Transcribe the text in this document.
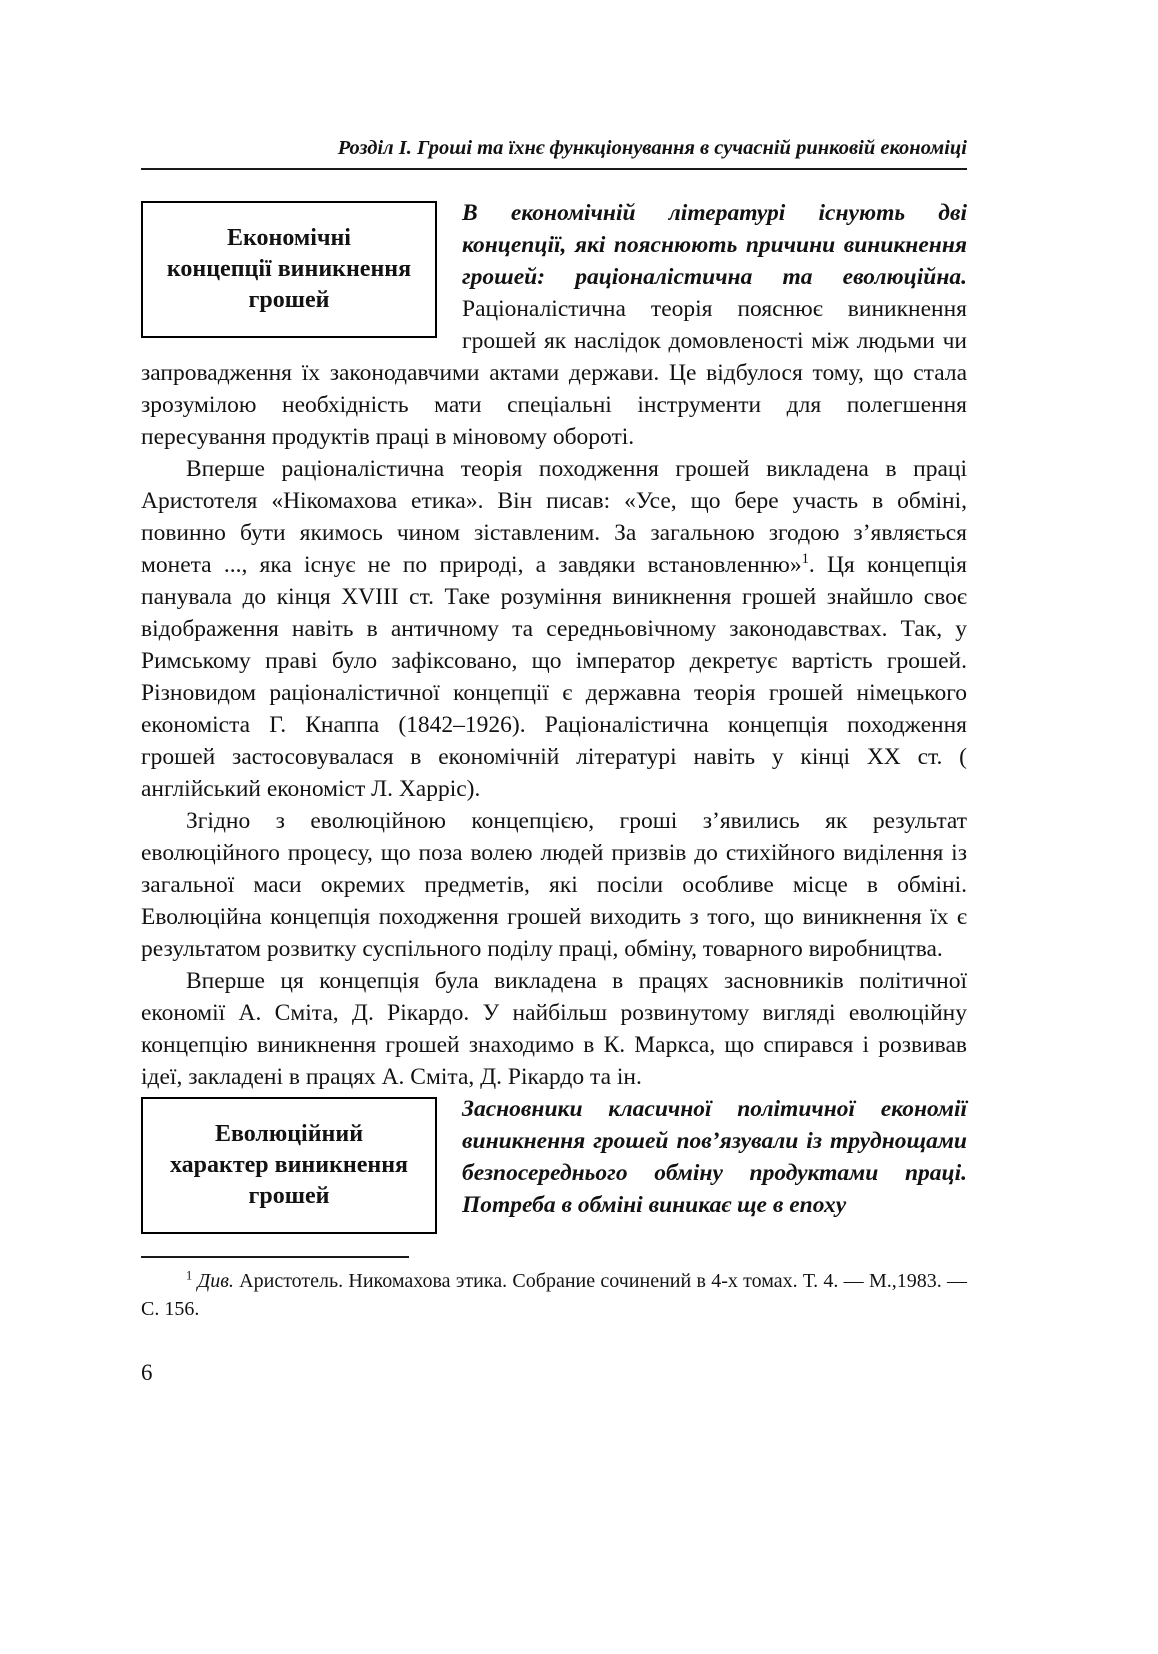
Розділ І. Гроші та їхнє функціонування в сучасній ринковій економіці
Економічні
концепції виникнення
грошей

В економічній літературі існують дві концепції, які пояснюють причини виникнення грошей: раціоналістична та еволюційна. Раціоналістична теорія пояснює виникнення грошей як наслідок домовленості між людьми чи запровадження їх законодавчими актами держави. Це відбулося тому, що стала зрозумілою необхідність мати спеціальні інструменти для полегшення пересування продуктів праці в міновому обороті.

Вперше раціоналістична теорія походження грошей викладена в праці Аристотеля «Нікомахова етика». Він писав: «Усе, що бере участь в обміні, повинно бути якимось чином зіставленим. За загальною згодою з’являється монета ..., яка існує не по природі, а завдяки встановленню»$^1$. Ця концепція панувала до кінця XVIII ст. Таке розуміння виникнення грошей знайшло своє відображення навіть в античному та середньовічному законодавствах. Так, у Римському праві було зафіксовано, що імператор декретує вартість грошей. Різновидом раціоналістичної концепції є державна теорія грошей німецького економіста Г. Кнаппа (1842–1926). Раціоналістична концепція походження грошей застосовувалася в економічній літературі навіть у кінці XX ст. ( англійський економіст Л. Харріс).

Згідно з еволюційною концепцією, гроші з’явились як результат еволюційного процесу, що поза волею людей призвів до стихійного виділення із загальної маси окремих предметів, які посіли особливе місце в обміні. Еволюційна концепція походження грошей виходить з того, що виникнення їх є результатом розвитку суспільного поділу праці, обміну, товарного виробництва.

Вперше ця концепція була викладена в працях засновників політичної економії А. Сміта, Д. Рікардо. У найбільш розвинутому вигляді еволюційну концепцію виникнення грошей знаходимо в К. Маркса, що спирався і розвивав ідеї, закладені в працях А. Сміта, Д. Рікардо та ін.

Еволюційний
характер виникнення
грошей

Засновники класичної політичної економії виникнення грошей пов’язували із труднощами безпосереднього обміну продуктами праці. Потреба в обміні виникає ще в епоху

$^1$ Див. Аристотель. Никомахова этика. Собрание сочинений в 4-х томах. Т. 4. — М.,1983. — С. 156.

6
